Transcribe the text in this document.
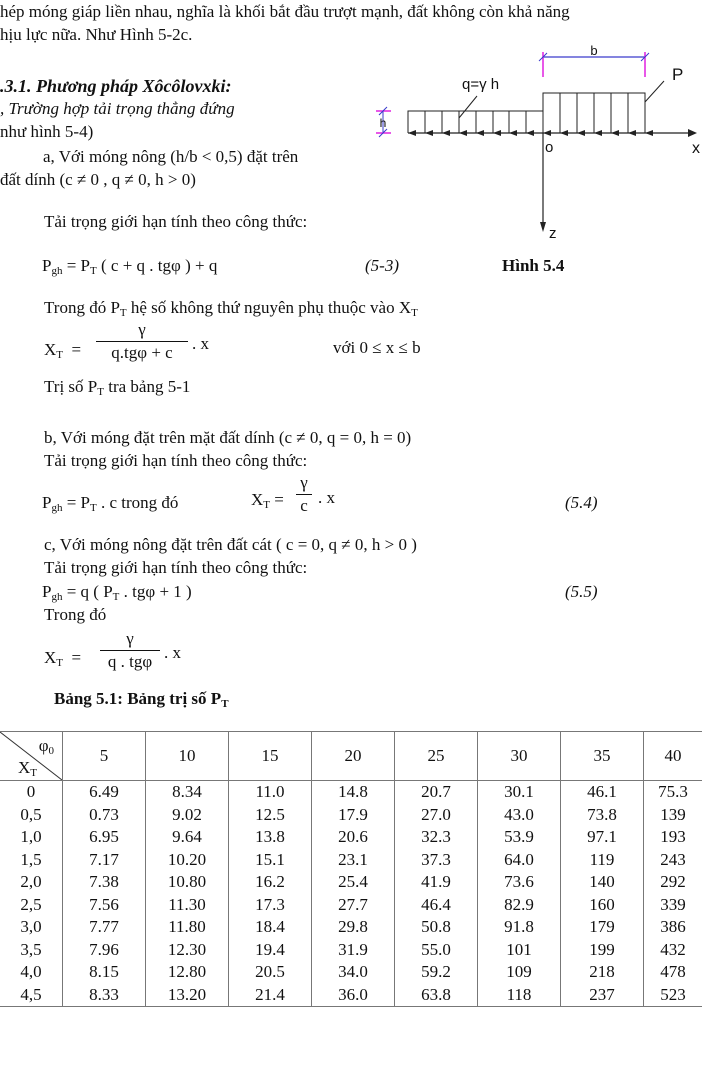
hép móng giáp liền nhau, nghĩa là khối bắt đầu trượt mạnh, đất không còn khả năng
hịu lực nữa. Như Hình 5-2c.
.3.1. Phương pháp Xôcôlovxki:
, Trường hợp tải trọng thẳng đứng
như hình 5-4)
a, Với móng nông (h/b < 0,5) đặt trên
đất dính (c ≠ 0 , q ≠ 0, h > 0)
b
h
q=γ h
P
o	x
z
Tải trọng giới hạn tính theo công thức:
$P_{gh} = P_T$ ( c + q . tgφ ) + q	(5-3)	Hình 5.4
Trong đó $P_T$ hệ số không thứ nguyên phụ thuộc vào $X_T$
$X_T$ =
γ
q.tgφ + c	. x	với 0 ≤ x ≤ b
Trị số $P_T$ tra bảng 5-1
b, Với móng đặt trên mặt đất dính (c ≠ 0, q = 0, h = 0)
Tải trọng giới hạn tính theo công thức:
$P_{gh} = P_T$ . c trong đó	$X_T$ =
γ
c . x	(5.4)
c, Với móng nông đặt trên đất cát ( c = 0, q ≠ 0, h > 0 )
Tải trọng giới hạn tính theo công thức:
$P_{gh} = q$ ( $P_T$ . tgφ + 1 )	(5.5)
Trong đó
$X_T$ =
γ
q . tgφ . x
Bảng 5.1: Bảng trị số $P_T$
$\varphi_0$
$X_T$	5	10	15	20	25	30	35	40
0	6.49	8.34	11.0	14.8	20.7	30.1	46.1	75.3
0,5	0.73	9.02	12.5	17.9	27.0	43.0	73.8	139
1,0	6.95	9.64	13.8	20.6	32.3	53.9	97.1	193
1,5	7.17	10.20	15.1	23.1	37.3	64.0	119	243
2,0	7.38	10.80	16.2	25.4	41.9	73.6	140	292
2,5	7.56	11.30	17.3	27.7	46.4	82.9	160	339
3,0	7.77	11.80	18.4	29.8	50.8	91.8	179	386
3,5	7.96	12.30	19.4	31.9	55.0	101	199	432
4,0	8.15	12.80	20.5	34.0	59.2	109	218	478
4,5	8.33	13.20	21.4	36.0	63.8	118	237	523
